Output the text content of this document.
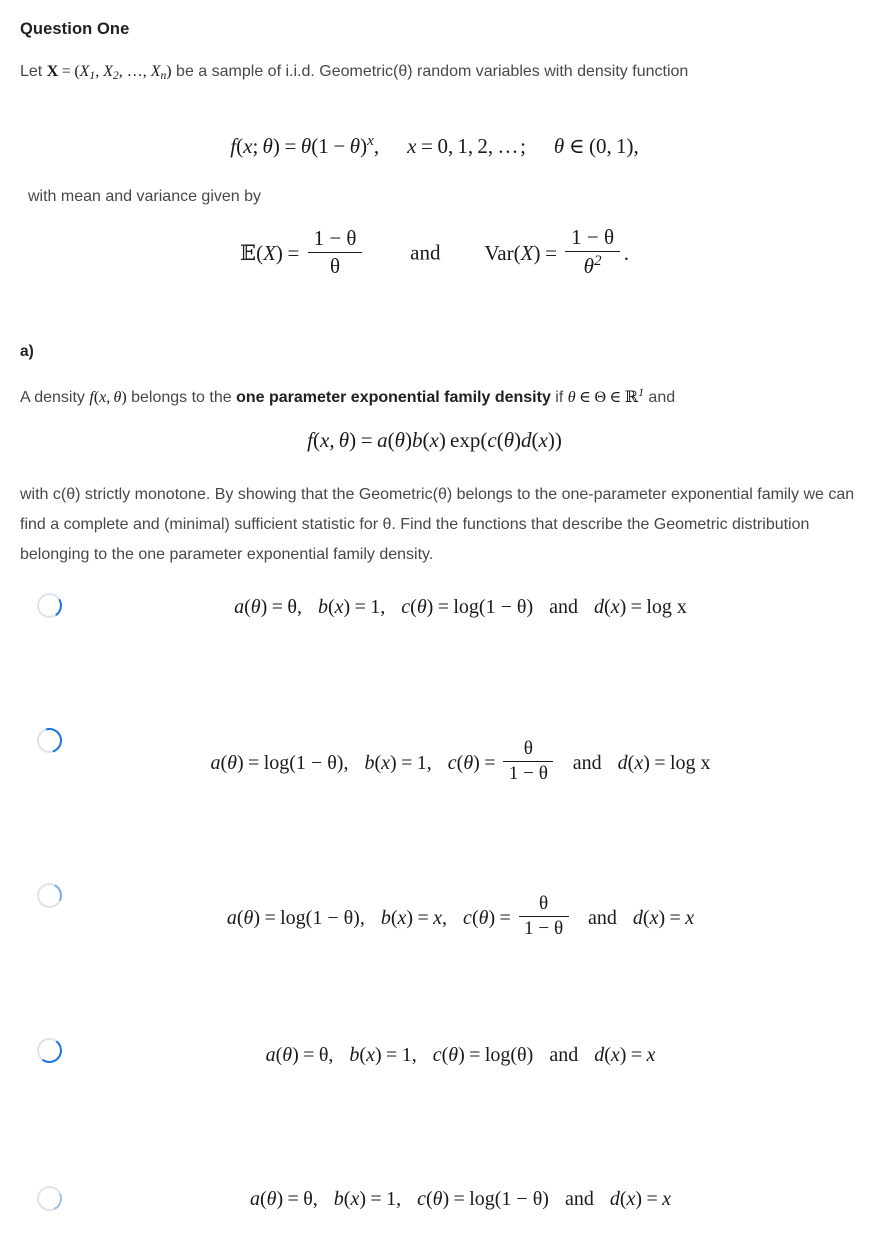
Question One
Let X = (X1, X2, …, Xn) be a sample of i.i.d. Geometric(θ) random variables with density function
f(x; $\theta) = \theta(1 - \theta)^x$, x = 0, 1, 2, … ; θ ∈ (0, 1),
with mean and variance given by
𝔼(X) = $\frac{1 - \theta}{\theta}$ and $Var(X) = \frac{1 - \theta}{\theta^2}$ .
a)
A density f(x, θ) belongs to the one parameter exponential family density if θ ∈ Θ ∈ ℝ$^1$ and
f(x, θ) = a(θ)b(x) exp(c(θ)d(x))
with c(θ) strictly monotone. By showing that the Geometric(θ) belongs to the one-parameter exponential family we can find a complete and (minimal) sufficient statistic for θ. Find the functions that describe the Geometric distribution belonging to the one parameter exponential family density.
a(θ) = θ, b(x) = 1, c(θ) = log(1 − θ) and d(x) = log x
a(θ) = log(1 − θ), b(x) = 1, $c(\theta) = \frac{\theta}{1 - \theta}$ and d(x) = log x
a(θ) = log(1 − θ), b(x) = x, $c(\theta) = \frac{\theta}{1 - \theta}$ and d(x) = x
a(θ) = θ, b(x) = 1, c(θ) = log(θ) and d(x) = x
a(θ) = θ, b(x) = 1, c(θ) = log(1 − θ) and d(x) = x
